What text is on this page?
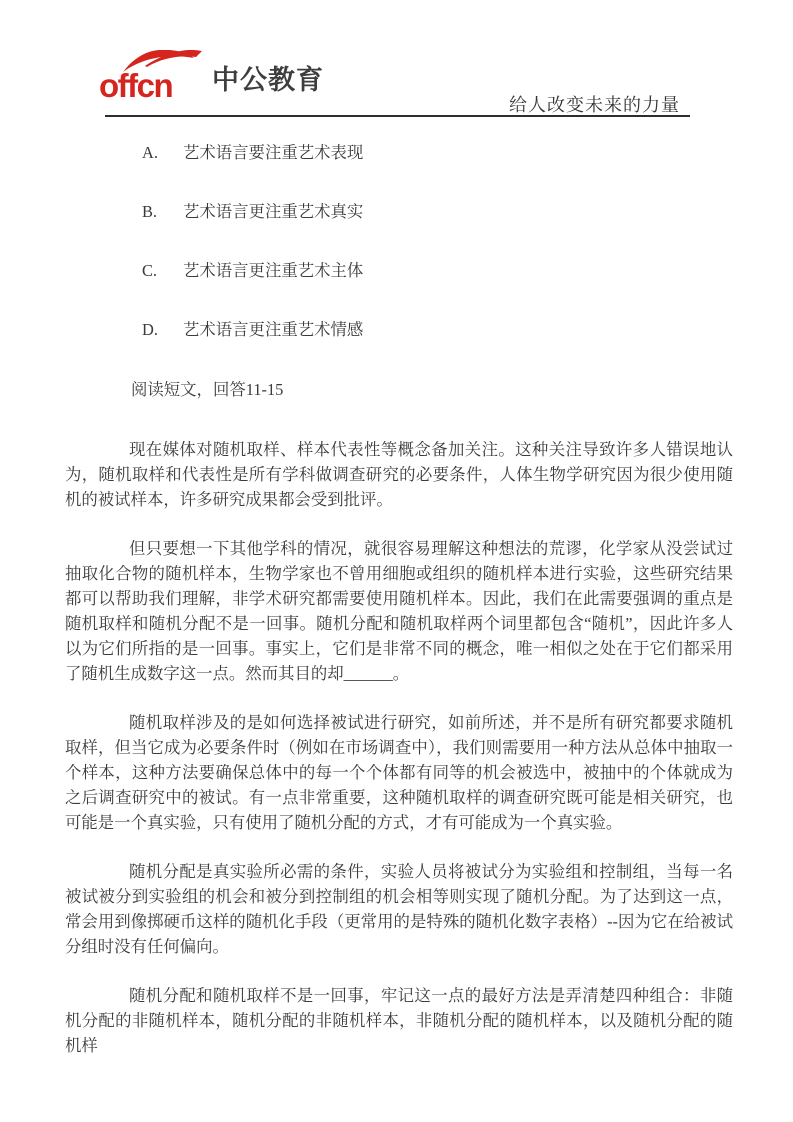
offcn 中公教育
给人改变未来的力量
A. 艺术语言要注重艺术表现
B. 艺术语言更注重艺术真实
C. 艺术语言更注重艺术主体
D. 艺术语言更注重艺术情感
阅读短文，回答11-15

现在媒体对随机取样、样本代表性等概念备加关注。这种关注导致许多人错误地认为，随机取样和代表性是所有学科做调查研究的必要条件，人体生物学研究因为很少使用随机的被试样本，许多研究成果都会受到批评。

但只要想一下其他学科的情况，就很容易理解这种想法的荒谬，化学家从没尝试过抽取化合物的随机样本，生物学家也不曾用细胞或组织的随机样本进行实验，这些研究结果都可以帮助我们理解，非学术研究都需要使用随机样本。因此，我们在此需要强调的重点是随机取样和随机分配不是一回事。随机分配和随机取样两个词里都包含“随机”，因此许多人以为它们所指的是一回事。事实上，它们是非常不同的概念，唯一相似之处在于它们都采用了随机生成数字这一点。然而其目的却______。

随机取样涉及的是如何选择被试进行研究，如前所述，并不是所有研究都要求随机取样，但当它成为必要条件时（例如在市场调查中），我们则需要用一种方法从总体中抽取一个样本，这种方法要确保总体中的每一个个体都有同等的机会被选中，被抽中的个体就成为之后调查研究中的被试。有一点非常重要，这种随机取样的调查研究既可能是相关研究，也可能是一个真实验，只有使用了随机分配的方式，才有可能成为一个真实验。

随机分配是真实验所必需的条件，实验人员将被试分为实验组和控制组，当每一名被试被分到实验组的机会和被分到控制组的机会相等则实现了随机分配。为了达到这一点，常会用到像掷硬币这样的随机化手段（更常用的是特殊的随机化数字表格）--因为它在给被试分组时没有任何偏向。

随机分配和随机取样不是一回事，牢记这一点的最好方法是弄清楚四种组合：非随机分配的非随机样本，随机分配的非随机样本，非随机分配的随机样本，以及随机分配的随机样
